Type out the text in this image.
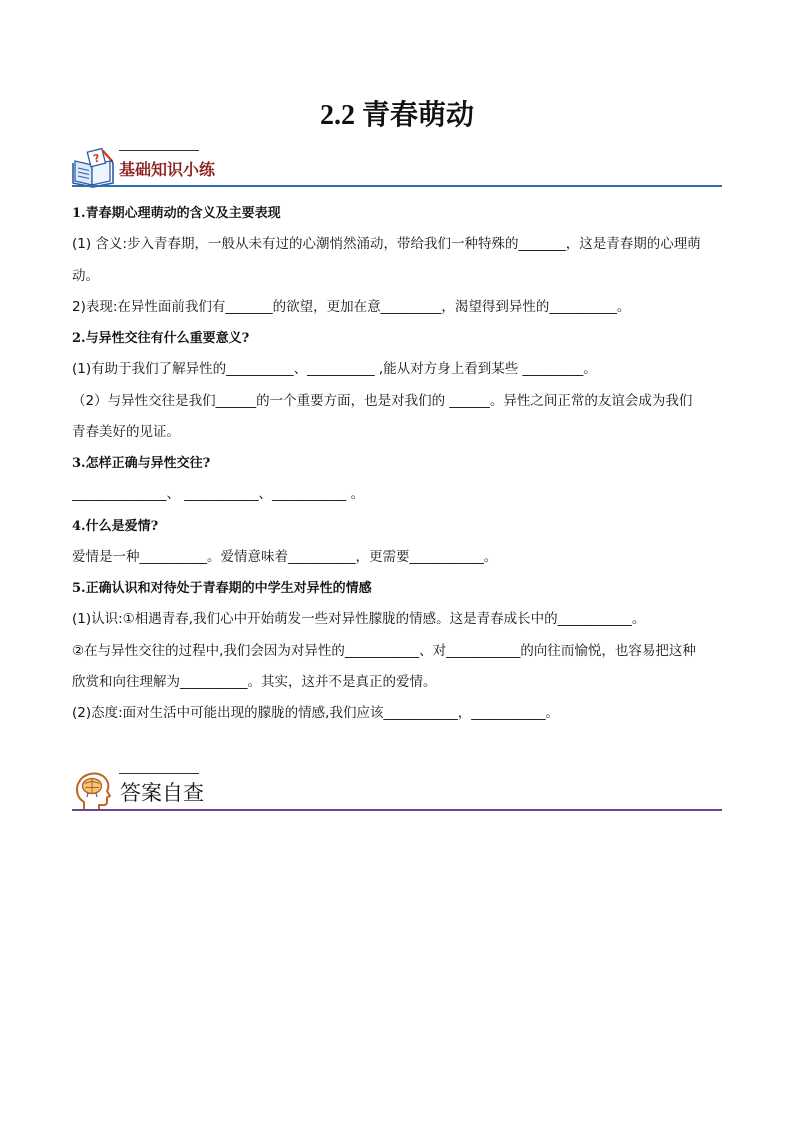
2.2 青春萌动
?
基础知识小练
1.青春期心理萌动的含义及主要表现
(1) 含义:步入青春期，一般从未有过的心潮悄然涌动，带给我们一种特殊的_______，这是青春期的心理萌
动。
2)表现:在异性面前我们有_______的欲望，更加在意_________，渴望得到异性的__________。
2.与异性交往有什么重要意义?
(1)有助于我们了解异性的__________、__________ ,能从对方身上看到某些 _________。
（2）与异性交往是我们______的一个重要方面，也是对我们的 ______。异性之间正常的友谊会成为我们
青春美好的见证。
3.怎样正确与异性交往?
______________、 ___________、___________ 。
4.什么是爱情?
爱情是一种__________。爱情意味着__________，更需要___________。
5.正确认识和对待处于青春期的中学生对异性的情感
(1)认识:①相遇青春,我们心中开始萌发一些对异性朦胧的情感。这是青春成长中的___________。
②在与异性交往的过程中,我们会因为对异性的___________、对___________的向往而愉悦，也容易把这种
欣赏和向往理解为__________。其实，这并不是真正的爱情。
(2)态度:面对生活中可能出现的朦胧的情感,我们应该___________，___________。
答案自查
